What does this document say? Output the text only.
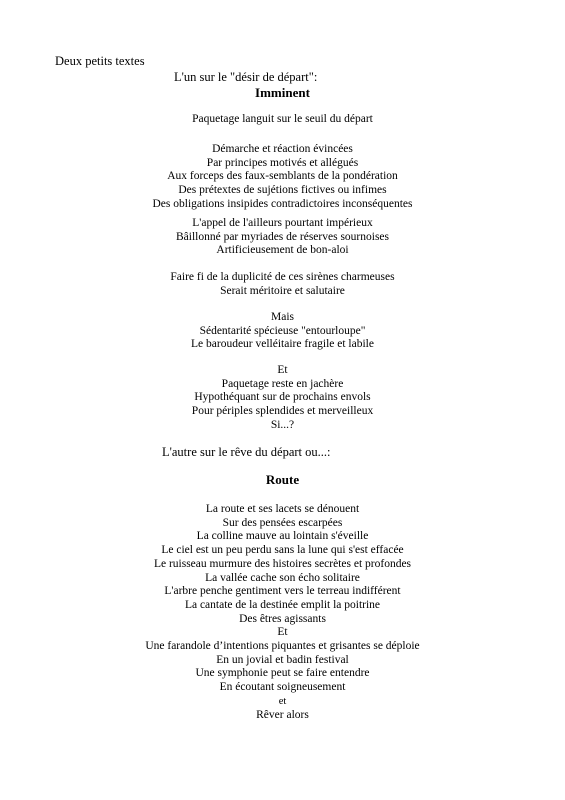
Deux petits textes
L'un sur le "désir de départ":
Imminent
Paquetage languit sur le seuil du départ
Démarche et réaction évincées
Par principes motivés et allégués
Aux forceps des faux-semblants de la pondération
Des prétextes de sujétions fictives ou infimes
Des obligations insipides contradictoires inconséquentes
L'appel de l'ailleurs pourtant impérieux
Bâillonné par myriades de réserves sournoises
Artificieusement de bon-aloi
Faire fi de la duplicité de ces sirènes charmeuses
Serait méritoire et salutaire
Mais
Sédentarité spécieuse "entourloupe"
Le baroudeur velléitaire fragile et labile
Et
Paquetage reste en jachère
Hypothéquant sur de prochains envols
Pour périples splendides et merveilleux
Si...?
L'autre sur le rêve du départ ou...:
Route
La route et ses lacets se dénouent
Sur des pensées escarpées
La colline mauve au lointain s'éveille
Le ciel est un peu perdu sans la lune qui s'est effacée
Le ruisseau murmure des histoires secrètes et profondes
La vallée cache son écho solitaire
L'arbre penche gentiment vers le terreau indifférent
La cantate de la destinée emplit la poitrine
Des êtres agissants
Et
Une farandole d’intentions piquantes et grisantes se déploie
En un jovial et badin festival
Une symphonie peut se faire entendre
En écoutant soigneusement
et
Rêver alors
